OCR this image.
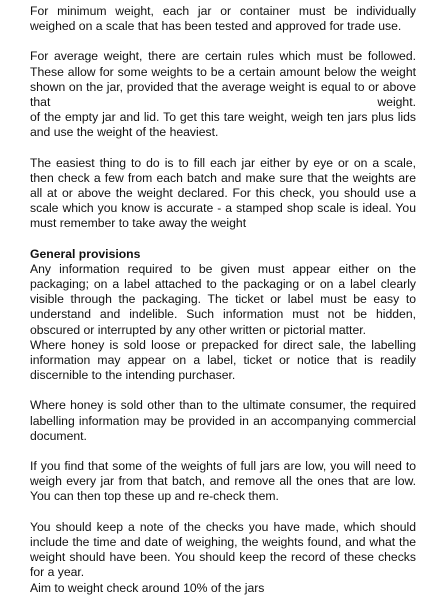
For minimum weight, each jar or container must be individually weighed on a scale that has been tested and approved for trade use.

For average weight, there are certain rules which must be followed. These allow for some weights to be a certain amount below the weight shown on the jar, provided that the average weight is equal to or above that weight.
of the empty jar and lid. To get this tare weight, weigh ten jars plus lids and use the weight of the heaviest.

The easiest thing to do is to fill each jar either by eye or on a scale, then check a few from each batch and make sure that the weights are all at or above the weight declared. For this check, you should use a scale which you know is accurate - a stamped shop scale is ideal. You must remember to take away the weight

General provisions

Any information required to be given must appear either on the packaging; on a label attached to the packaging or on a label clearly visible through the packaging. The ticket or label must be easy to understand and indelible. Such information must not be hidden, obscured or interrupted by any other written or pictorial matter.

Where honey is sold loose or prepacked for direct sale, the labelling information may appear on a label, ticket or notice that is readily discernible to the intending purchaser.

Where honey is sold other than to the ultimate consumer, the required labelling information may be provided in an accompanying commercial document.

If you find that some of the weights of full jars are low, you will need to weigh every jar from that batch, and remove all the ones that are low. You can then top these up and re-check them.

You should keep a note of the checks you have made, which should include the time and date of weighing, the weights found, and what the weight should have been. You should keep the record of these checks for a year.

Aim to weight check around 10% of the jars
